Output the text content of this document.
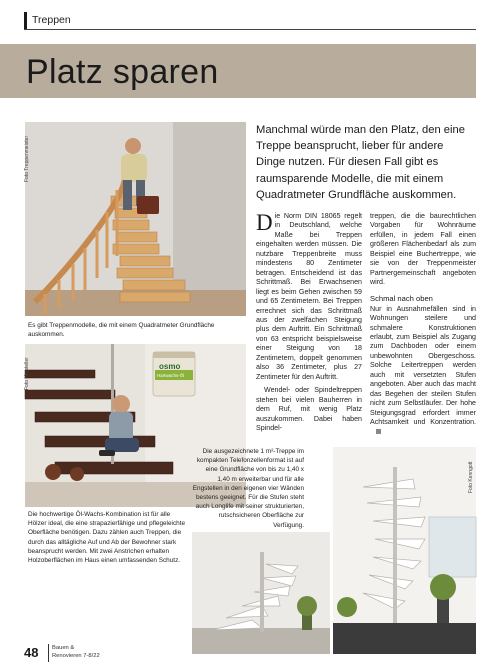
Treppen
Platz sparen
Foto Treppenmeister
Manchmal würde man den Platz, den eine Treppe beansprucht, lieber für andere Dinge nutzen. Für diesen Fall gibt es raumsparende Modelle, die mit einem Quadratmeter Grundfläche auskommen.
D ie Norm DIN 18065 regelt in Deutschland, welche Maße bei Treppen eingehalten werden müssen. Die nutzbare Treppenbreite muss mindestens 80 Zentimeter betragen. Entscheidend ist das Schrittmaß. Bei Erwachsenen liegt es beim Gehen zwischen 59 und 65 Zentimetern. Bei Treppen errechnet sich das Schrittmaß aus der zwelfachen Steigung plus dem Auftritt. Ein Schrittmaß von 63 entspricht beispielsweise einer Steigung von 18 Zentimetern, doppelt genommen also 36 Zentimeter, plus 27 Zentimeter für den Auftritt.

Wendel- oder Spindeltreppen stehen bei vielen Bauherren in dem Ruf, mit wenig Platz auszukommen. Dabei haben Spindel-

treppen, die die baurechtlichen Vorgaben für Wohnräume erfüllen, in jedem Fall einen größeren Flächenbedarf als zum Beispiel eine Buchertreppe, wie sie von der Treppenmeister Partnergemeinschaft angeboten wird.

Schmal nach oben

Nur in Ausnahmefällen sind in Wohnungen steilere und schmalere Konstruktionen erlaubt, zum Beispiel als Zugang zum Dachboden oder einem unbewohnten Obergeschoss. Solche Leitertreppen werden auch mit versetzten Stufen angeboten. Aber auch das macht das Begehen der steilen Stufen nicht zum Selbstläufer. Der hohe Steigungsgrad erfordert immer Achtsamkeit und Konzentration.

Es gibt Treppenmodelle, die mit einem Quadratmeter Grundfläche auskommen.
osmo
Hartwachs-Öl
Foto Hersteller
Die hochwertige Öl-Wachs-Kombination ist für alle Hölzer ideal, die eine strapazierfähige und pflegeleichte Oberfläche benötigen. Dazu zählen auch Treppen, die durch das alltägliche Auf und Ab der Bewohner stark beansprucht werden. Mit zwei Anstrichen erhalten Holzoberflächen im Haus einen umfassenden Schutz.
Die ausgezeichnete 1 m²-Treppe im kompakten Telefonzellenformat ist auf eine Grundfläche von bis zu 1,40 x 1,40 m erweiterbar und für alle Engstellen in den eigenen vier Wänden bestens geeignet. Für die Stufen steht auch Longlife mit seiner strukturierten, rutschsicheren Oberfläche zur Verfügung.
Foto Kenngott
48 Bauen &
Renovieren 7-8/22
